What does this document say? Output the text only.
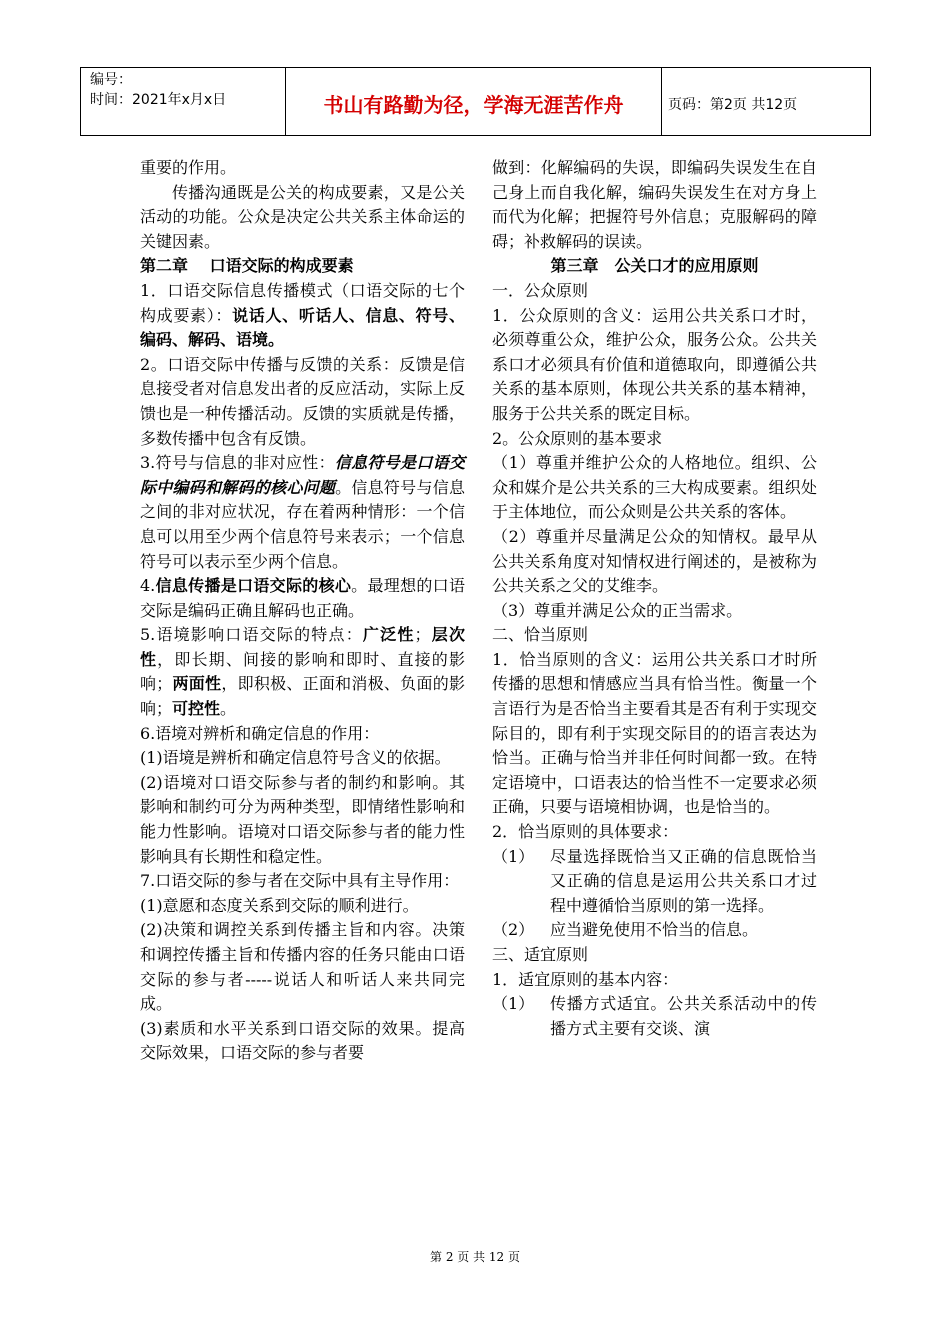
编号：
时间：2021年x月x日	书山有路勤为径，学海无涯苦作舟	页码：第2页 共12页

重要的作用。

传播沟通既是公关的构成要素，又是公关活动的功能。公众是决定公共关系主体命运的关键因素。

第二章　 口语交际的构成要素

1．口语交际信息传播模式（口语交际的七个构成要素）：说话人、听话人、信息、符号、编码、解码、语境。

2。口语交际中传播与反馈的关系：反馈是信息接受者对信息发出者的反应活动，实际上反馈也是一种传播活动。反馈的实质就是传播，多数传播中包含有反馈。

3.符号与信息的非对应性：信息符号是口语交际中编码和解码的核心问题。信息符号与信息之间的非对应状况，存在着两种情形：一个信息可以用至少两个信息符号来表示；一个信息符号可以表示至少两个信息。

4.信息传播是口语交际的核心。最理想的口语交际是编码正确且解码也正确。

5.语境影响口语交际的特点：广泛性；层次性，即长期、间接的影响和即时、直接的影响；两面性，即积极、正面和消极、负面的影响；可控性。

6.语境对辨析和确定信息的作用：

(1)语境是辨析和确定信息符号含义的依据。

(2)语境对口语交际参与者的制约和影响。其影响和制约可分为两种类型，即情绪性影响和能力性影响。语境对口语交际参与者的能力性影响具有长期性和稳定性。

7.口语交际的参与者在交际中具有主导作用：

(1)意愿和态度关系到交际的顺利进行。

(2)决策和调控关系到传播主旨和内容。决策和调控传播主旨和传播内容的任务只能由口语交际的参与者-----说话人和听话人来共同完成。

(3)素质和水平关系到口语交际的效果。提高交际效果，口语交际的参与者要

做到：化解编码的失误，即编码失误发生在自己身上而自我化解，编码失误发生在对方身上而代为化解；把握符号外信息；克服解码的障碍；补救解码的误读。

第三章　公关口才的应用原则

一．公众原则

1．公众原则的含义：运用公共关系口才时，必须尊重公众，维护公众，服务公众。公共关系口才必须具有价值和道德取向，即遵循公共关系的基本原则，体现公共关系的基本精神，服务于公共关系的既定目标。

2。公众原则的基本要求

（1）尊重并维护公众的人格地位。组织、公众和媒介是公共关系的三大构成要素。组织处于主体地位，而公众则是公共关系的客体。

（2）尊重并尽量满足公众的知情权。最早从公共关系角度对知情权进行阐述的，是被称为公共关系之父的艾维李。

（3）尊重并满足公众的正当需求。

二、恰当原则

1．恰当原则的含义：运用公共关系口才时所传播的思想和情感应当具有恰当性。衡量一个言语行为是否恰当主要看其是否有利于实现交际目的，即有利于实现交际目的的语言表达为恰当。正确与恰当并非任何时间都一致。在特定语境中，口语表达的恰当性不一定要求必须正确，只要与语境相协调，也是恰当的。

2．恰当原则的具体要求：

（1） 尽量选择既恰当又正确的信息既恰当又正确的信息是运用公共关系口才过程中遵循恰当原则的第一选择。
（2） 应当避免使用不恰当的信息。

三、适宜原则

1．适宜原则的基本内容：

（1） 传播方式适宜。公共关系活动中的传播方式主要有交谈、演
第 2 页 共 12 页
